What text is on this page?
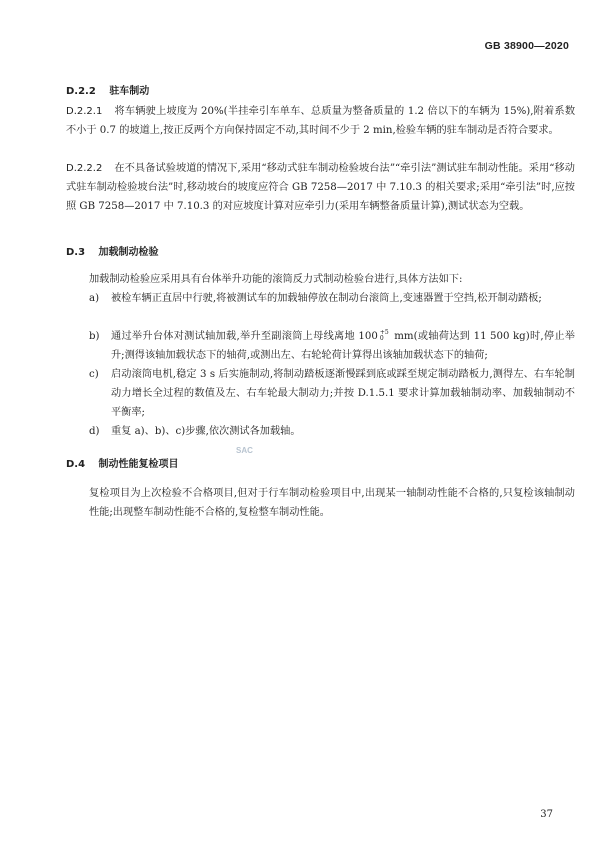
GB 38900—2020
D.2.2 驻车制动
D.2.2.1 将车辆驶上坡度为 20%(半挂牵引车单车、总质量为整备质量的 1.2 倍以下的车辆为 15%),附着系数不小于 0.7 的坡道上,按正反两个方向保持固定不动,其时间不少于 2 min,检验车辆的驻车制动是否符合要求。
D.2.2.2 在不具备试验坡道的情况下,采用“移动式驻车制动检验坡台法”“牵引法”测试驻车制动性能。采用“移动式驻车制动检验坡台法”时,移动坡台的坡度应符合 GB 7258—2017 中 7.10.3 的相关要求;采用“牵引法”时,应按照 GB 7258—2017 中 7.10.3 的对应坡度计算对应牵引力(采用车辆整备质量计算),测试状态为空载。
D.3 加载制动检验
加载制动检验应采用具有台体举升功能的滚筒反力式制动检验台进行,具体方法如下:
a) 被检车辆正直居中行驶,将被测试车的加载轴停放在制动台滚筒上,变速器置于空挡,松开制动踏板;
b) 通过举升台体对测试轴加载,举升至副滚筒上母线离地 100 +5
0 mm(或轴荷达到 11 500 kg)时,停止举升;测得该轴加载状态下的轴荷,或测出左、右轮轮荷计算得出该轴加载状态下的轴荷;
c) 启动滚筒电机,稳定 3 s 后实施制动,将制动踏板逐渐慢踩到底或踩至规定制动踏板力,测得左、右车轮制动力增长全过程的数值及左、右车轮最大制动力;并按 D.1.5.1 要求计算加载轴制动率、加载轴制动不平衡率;
d) 重复 a)、b)、c)步骤,依次测试各加载轴。
SAC
D.4 制动性能复检项目
复检项目为上次检验不合格项目,但对于行车制动检验项目中,出现某一轴制动性能不合格的,只复检该轴制动性能;出现整车制动性能不合格的,复检整车制动性能。
37
